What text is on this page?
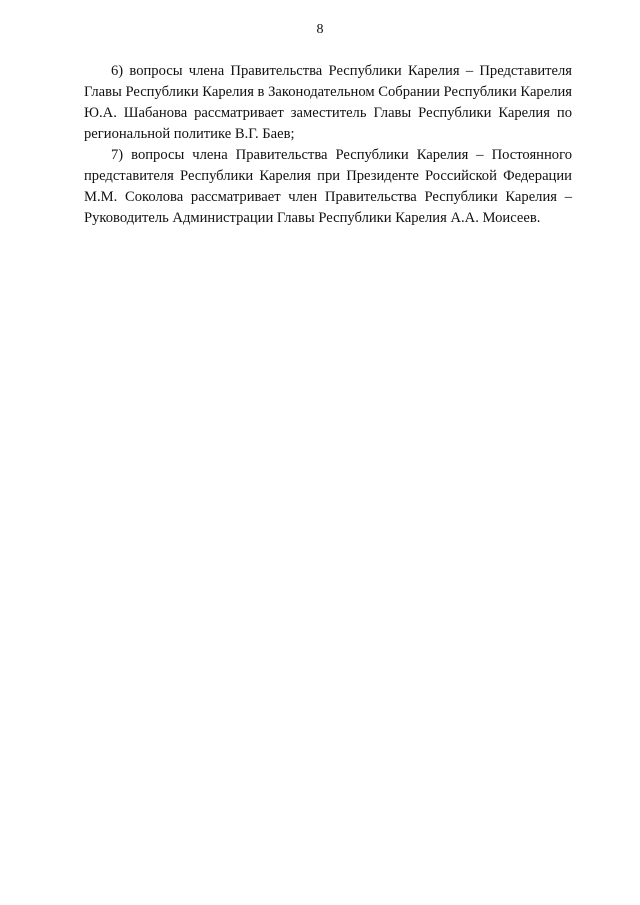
8

6) вопросы члена Правительства Республики Карелия – Представителя Главы Республики Карелия в Законодательном Собрании Республики Карелия Ю.А. Шабанова рассматривает заместитель Главы Республики Карелия по региональной политике В.Г. Баев;

7) вопросы члена Правительства Республики Карелия – Постоянного представителя Республики Карелия при Президенте Российской Федерации М.М. Соколова рассматривает член Правительства Республики Карелия – Руководитель Администрации Главы Республики Карелия А.А. Моисеев.
